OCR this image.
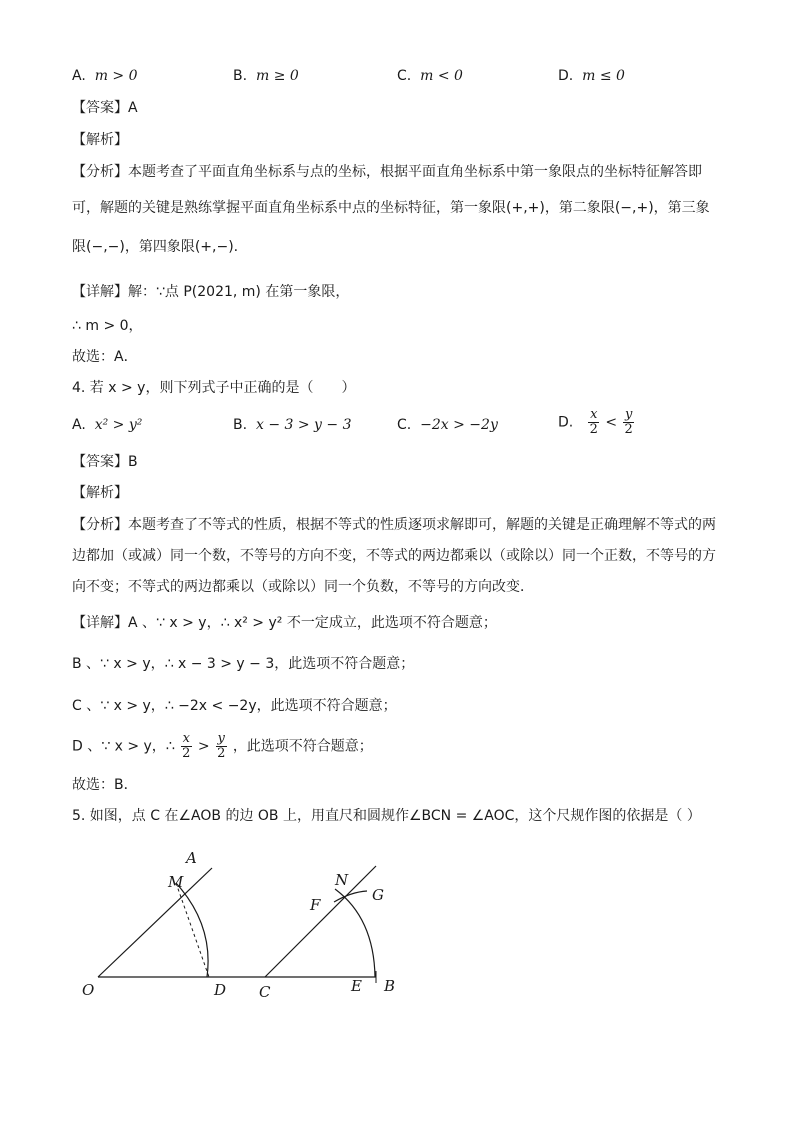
A. m > 0	B. m ≥ 0	C. m < 0	D. m ≤ 0
【答案】A
【解析】
【分析】本题考查了平面直角坐标系与点的坐标，根据平面直角坐标系中第一象限点的坐标特征解答即
可，解题的关键是熟练掌握平面直角坐标系中点的坐标特征，第一象限(+,+)，第二象限(−,+)，第三象
限(−,−)，第四象限(+,−).
【详解】解：∵点 P(2021, m) 在第一象限，
∴ m > 0，
故选：A．
4. 若 x > y，则下列式子中正确的是（　　）
A. x² > y²	B. x − 3 > y − 3	C. −2x > −2y	D. $\frac{x}{2} < \frac{y}{2}$
【答案】B
【解析】
【分析】本题考查了不等式的性质，根据不等式的性质逐项求解即可，解题的关键是正确理解不等式的两
边都加（或减）同一个数，不等号的方向不变，不等式的两边都乘以（或除以）同一个正数，不等号的方
向不变；不等式的两边都乘以（或除以）同一个负数，不等号的方向改变．
【详解】A 、∵ x > y，∴ x² > y² 不一定成立，此选项不符合题意；
B 、∵ x > y，∴ x − 3 > y − 3，此选项不符合题意；
C 、∵ x > y，∴ −2x < −2y，此选项不符合题意；
D 、∵ x > y，∴ $\frac{x}{2} > \frac{y}{2}$ ，此选项不符合题意；
故选：B．
5. 如图，点 C 在∠AOB 的边 OB 上，用直尺和圆规作∠BCN = ∠AOC，这个尺规作图的依据是（ ）
O
A
M
D C
N
F
G
E B
